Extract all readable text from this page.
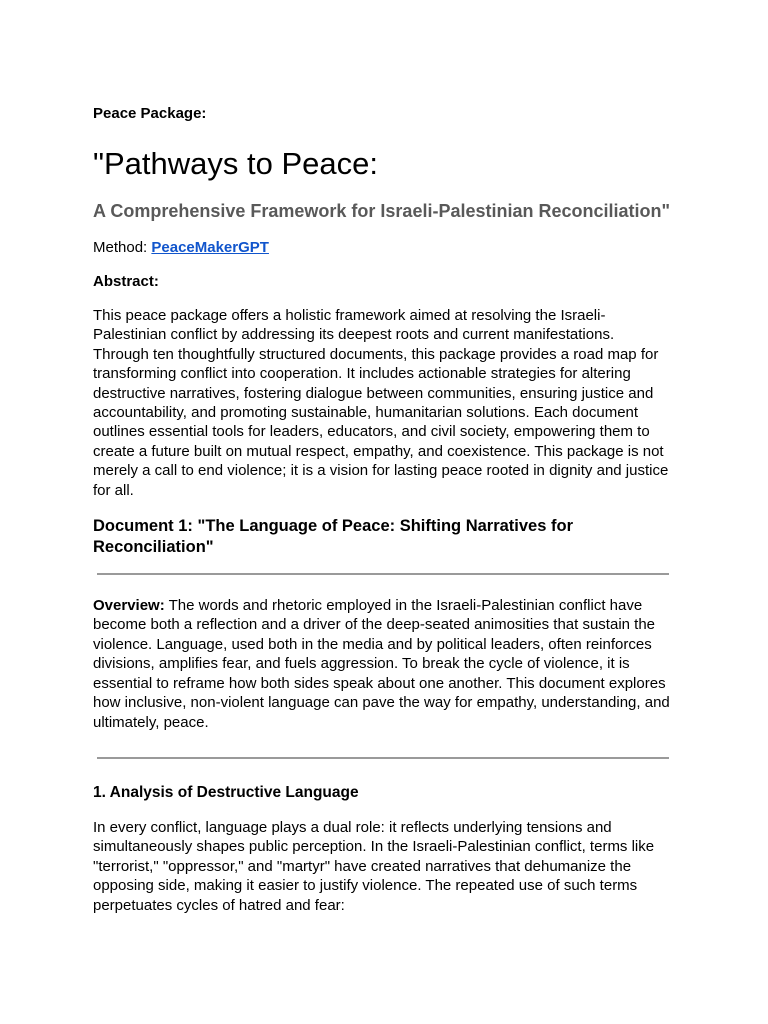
Peace Package:
"Pathways to Peace:
A Comprehensive Framework for Israeli-Palestinian Reconciliation"

Method: PeaceMakerGPT

Abstract:

This peace package offers a holistic framework aimed at resolving the Israeli-Palestinian conflict by addressing its deepest roots and current manifestations. Through ten thoughtfully structured documents, this package provides a road map for transforming conflict into cooperation. It includes actionable strategies for altering destructive narratives, fostering dialogue between communities, ensuring justice and accountability, and promoting sustainable, humanitarian solutions. Each document outlines essential tools for leaders, educators, and civil society, empowering them to create a future built on mutual respect, empathy, and coexistence. This package is not merely a call to end violence; it is a vision for lasting peace rooted in dignity and justice for all.

Document 1: "The Language of Peace: Shifting Narratives for Reconciliation"

Overview: The words and rhetoric employed in the Israeli-Palestinian conflict have become both a reflection and a driver of the deep-seated animosities that sustain the violence. Language, used both in the media and by political leaders, often reinforces divisions, amplifies fear, and fuels aggression. To break the cycle of violence, it is essential to reframe how both sides speak about one another. This document explores how inclusive, non-violent language can pave the way for empathy, understanding, and ultimately, peace.

1. Analysis of Destructive Language

In every conflict, language plays a dual role: it reflects underlying tensions and simultaneously shapes public perception. In the Israeli-Palestinian conflict, terms like "terrorist," "oppressor," and "martyr" have created narratives that dehumanize the opposing side, making it easier to justify violence. The repeated use of such terms perpetuates cycles of hatred and fear:
